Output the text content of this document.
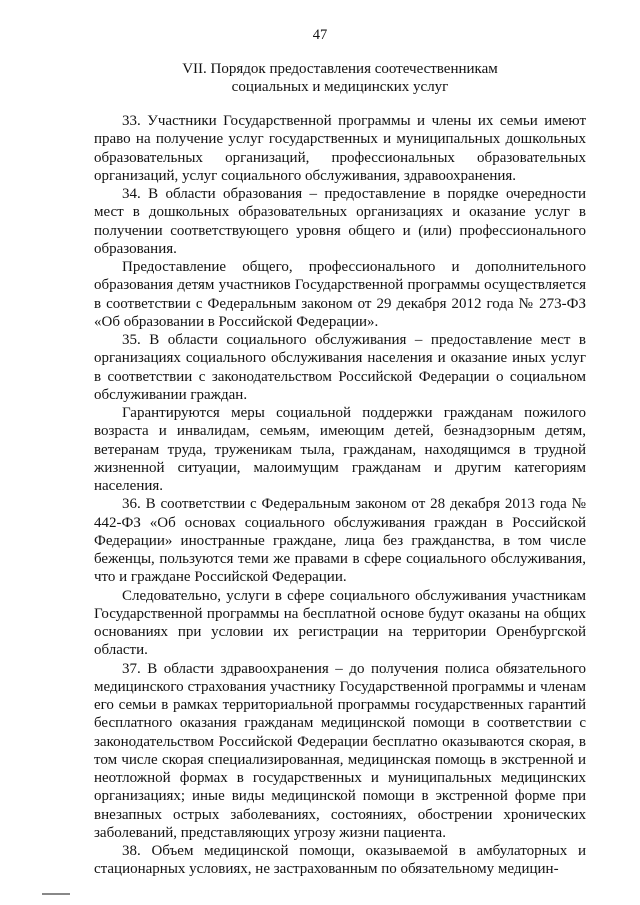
47
VII. Порядок предоставления соотечественникам
социальных и медицинских услуг

33. Участники Государственной программы и члены их семьи имеют право на получение услуг государственных и муниципальных дошкольных образовательных организаций, профессиональных образовательных организаций, услуг социального обслуживания, здравоохранения.

34. В области образования – предоставление в порядке очередности мест в дошкольных образовательных организациях и оказание услуг в получении соответствующего уровня общего и (или) профессионального образования.

Предоставление общего, профессионального и дополнительного образования детям участников Государственной программы осуществляется в соответствии с Федеральным законом от 29 декабря 2012 года № 273-ФЗ «Об образовании в Российской Федерации».

35. В области социального обслуживания – предоставление мест в организациях социального обслуживания населения и оказание иных услуг в соответствии с законодательством Российской Федерации о социальном обслуживании граждан.

Гарантируются меры социальной поддержки гражданам пожилого возраста и инвалидам, семьям, имеющим детей, безнадзорным детям, ветеранам труда, труженикам тыла, гражданам, находящимся в трудной жизненной ситуации, малоимущим гражданам и другим категориям населения.

36. В соответствии с Федеральным законом от 28 декабря 2013 года № 442-ФЗ «Об основах социального обслуживания граждан в Российской Федерации» иностранные граждане, лица без гражданства, в том числе беженцы, пользуются теми же правами в сфере социального обслуживания, что и граждане Российской Федерации.

Следовательно, услуги в сфере социального обслуживания участникам Государственной программы на бесплатной основе будут оказаны на общих основаниях при условии их регистрации на территории Оренбургской области.

37. В области здравоохранения – до получения полиса обязательного медицинского страхования участнику Государственной программы и членам его семьи в рамках территориальной программы государственных гарантий бесплатного оказания гражданам медицинской помощи в соответствии с законодательством Российской Федерации бесплатно оказываются скорая, в том числе скорая специализированная, медицинская помощь в экстренной и неотложной формах в государственных и муниципальных медицинских организациях; иные виды медицинской помощи в экстренной форме при внезапных острых заболеваниях, состояниях, обострении хронических заболеваний, представляющих угрозу жизни пациента.

38. Объем медицинской помощи, оказываемой в амбулаторных и стационарных условиях, не застрахованным по обязательному медицин-
